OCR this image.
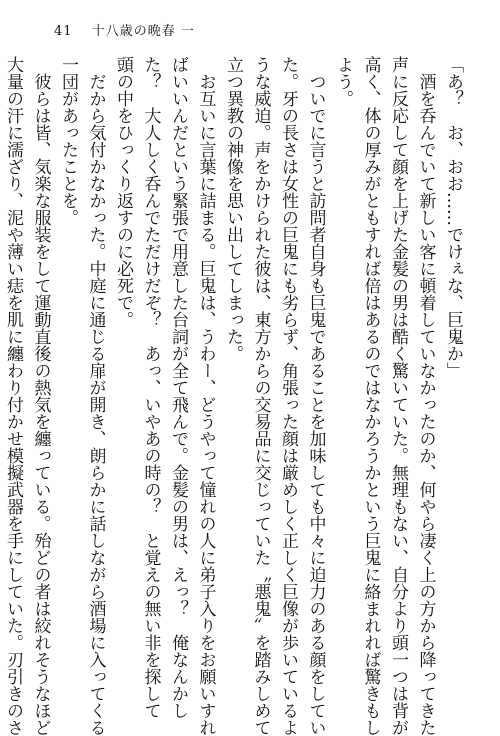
41 十八歳の晩春 一
「あ？　お、おお……でけぇな、巨鬼か」
　酒を呑んでいて新しい客に頓着していなかったのか、何やら凄く上の方から降ってきた
声に反応して顔を上げた金髪の男は酷く驚いていた。無理もない、自分より頭一つは背が
高く、体の厚みがともすれば倍はあるのではなかろうかという巨鬼に絡まれれば驚きもし
よう。
　ついでに言うと訪問者自身も巨鬼であることを加味しても中々に迫力のある顔をしてい
た。牙の長さは女性の巨鬼にも劣らず、角張った顔は厳めしく正しく巨像が歩いているよ
うな威迫。声をかけられた彼は、東方からの交易品に交じっていた〝悪鬼〟を踏みしめて
立つ異教の神像を思い出してしまった。
　お互いに言葉に詰まる。巨鬼は、うわー、どうやって憧れの人に弟子入りをお願いすれ
ばいいんだという緊張で用意した台詞が全て飛んで。金髪の男は、えっ？　俺なんかし
た？　大人しく呑んでただけだぞ？　あっ、いやあの時の？　と覚えの無い非を探して
頭の中をひっくり返すのに必死で。
　だから気付かなかった。中庭に通じる扉が開き、朗らかに話しながら酒場に入ってくる
一団があったことを。
　彼らは皆、気楽な服装をして運動直後の熱気を纏っている。殆どの者は絞れそうなほど
大量の汗に濡ざり、泥や薄い痣を肌に纏わり付かせ模擬武器を手にしていた。刃引きのさ
